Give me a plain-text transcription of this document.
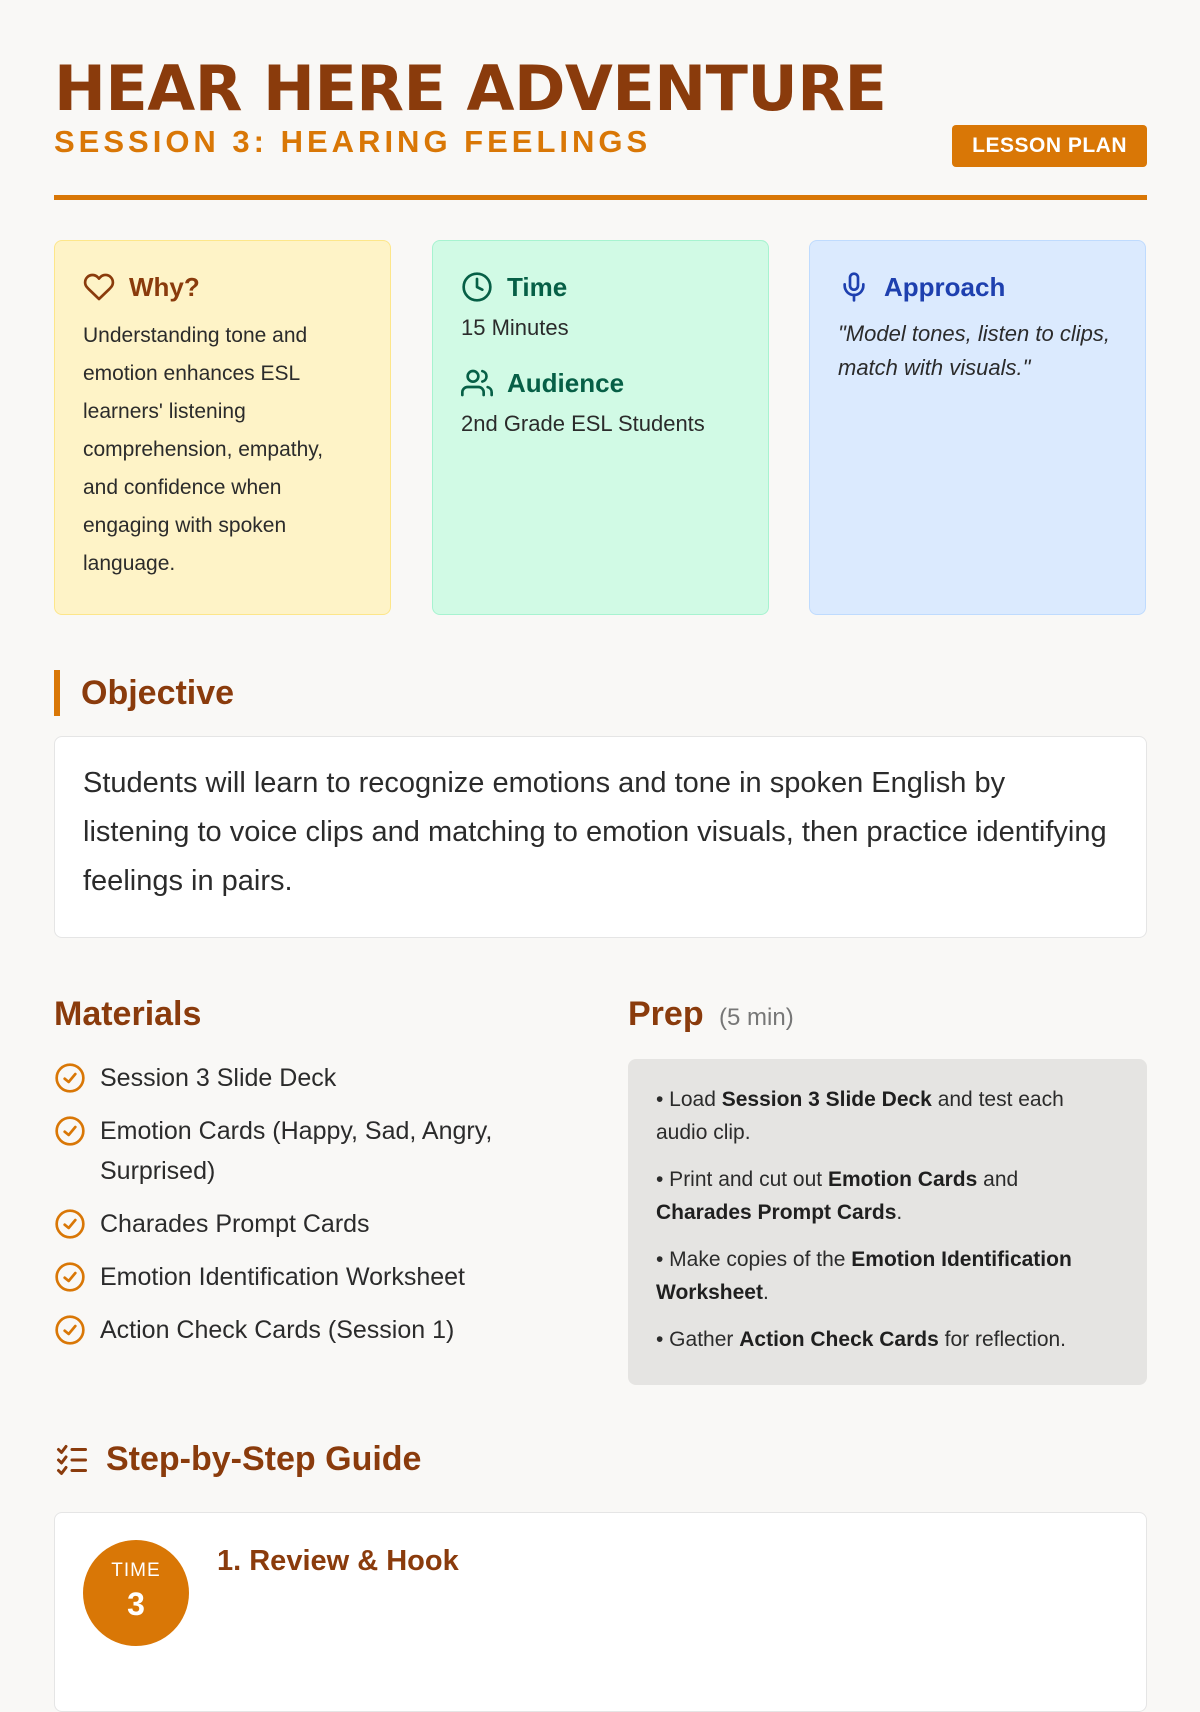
HEAR HERE ADVENTURE
SESSION 3: HEARING FEELINGS	LESSON PLAN
Why?
Understanding tone and emotion enhances ESL learners' listening comprehension, empathy, and confidence when engaging with spoken language.
Time
15 Minutes
Audience
2nd Grade ESL Students
Approach
"Model tones, listen to clips, match with visuals."
Objective
Students will learn to recognize emotions and tone in spoken English by listening to voice clips and matching to emotion visuals, then practice identifying feelings in pairs.
Materials
Session 3 Slide Deck
Emotion Cards (Happy, Sad, Angry, Surprised)
Charades Prompt Cards
Emotion Identification Worksheet
Action Check Cards (Session 1)
Prep (5 min)

• Load Session 3 Slide Deck and test each audio clip.

• Print and cut out Emotion Cards and Charades Prompt Cards.

• Make copies of the Emotion Identification Worksheet.

• Gather Action Check Cards for reflection.

Step-by-Step Guide
TIME
3
1. Review & Hook
